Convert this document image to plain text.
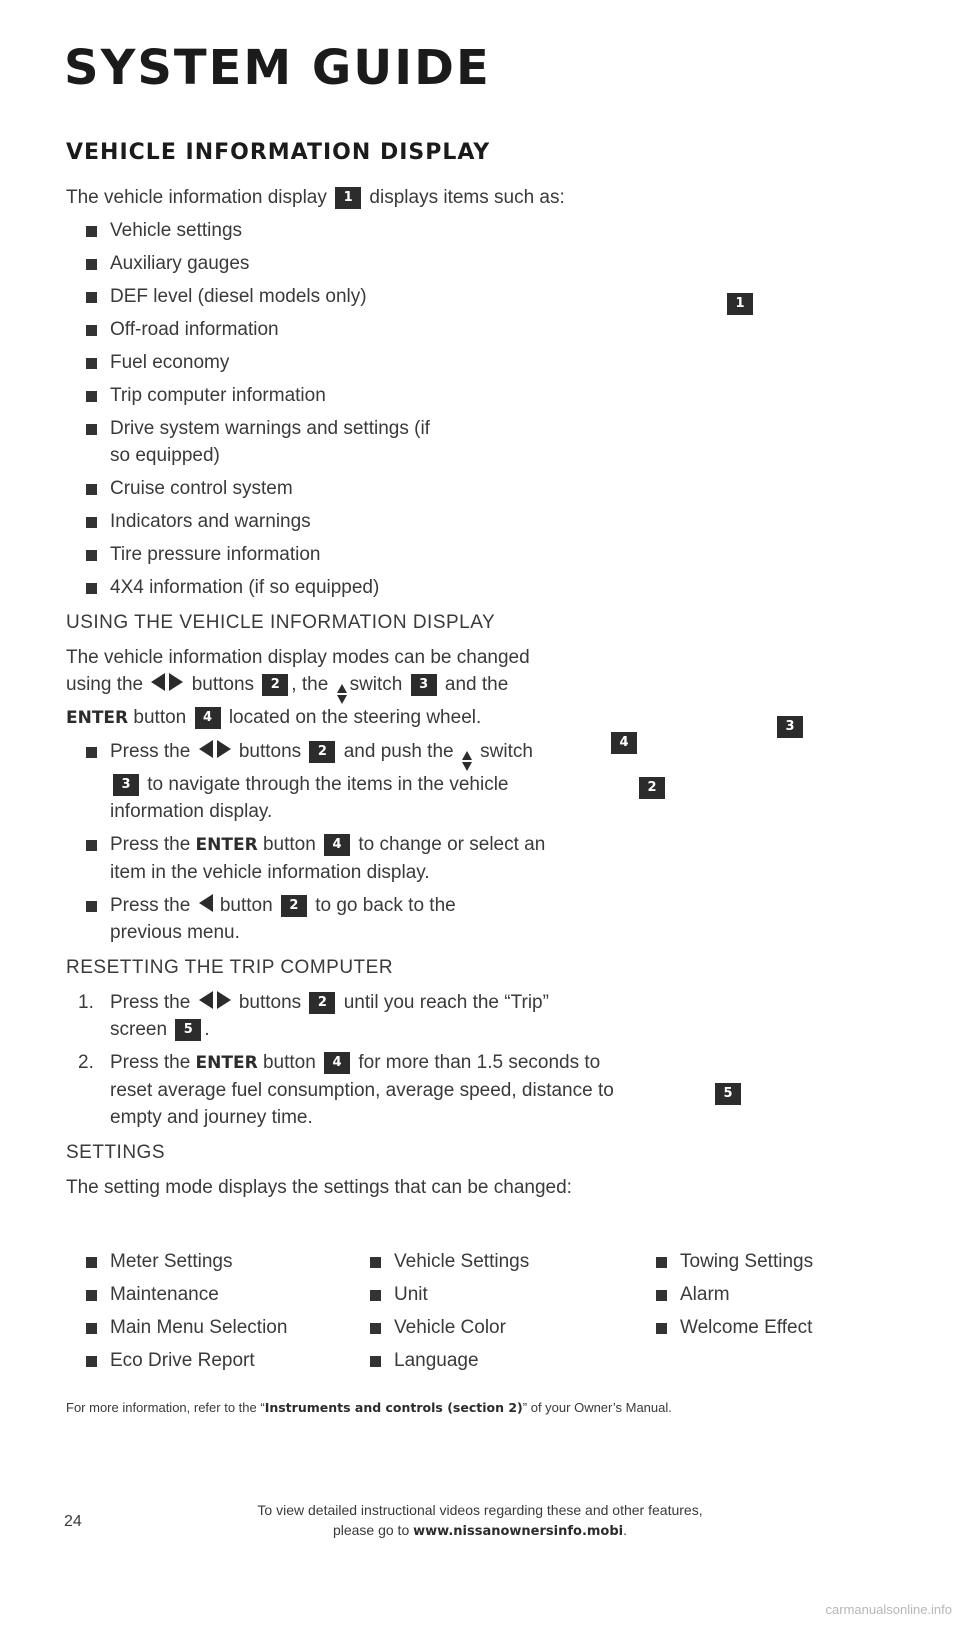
SYSTEM GUIDE
VEHICLE INFORMATION DISPLAY

The vehicle information display 1 displays items such as:

Vehicle settings
Auxiliary gauges
DEF level (diesel models only)
Off-road information
Fuel economy
Trip computer information
Drive system warnings and settings (if so equipped)
Cruise control system
Indicators and warnings
Tire pressure information
4X4 information (if so equipped)

USING THE VEHICLE INFORMATION DISPLAY

The vehicle information display modes can be changed using the	buttons 2 , the switch 3 and the ENTER button 4 located on the steering wheel.

Press the	buttons 2 and push the switch 3 to navigate through the items in the vehicle information display.
Press the ENTER button 4 to change or select an item in the vehicle information display.
Press the button 2 to go back to the previous menu.

RESETTING THE TRIP COMPUTER

1. Press the	buttons 2 until you reach the “Trip” screen 5 .
2. Press the ENTER button 4 for more than 1.5 seconds to reset average fuel consumption, average speed, distance to empty and journey time.

SETTINGS

The setting mode displays the settings that can be changed:

1
4
3
2
5
Meter Settings
Maintenance
Main Menu Selection
Eco Drive Report
Vehicle Settings
Unit
Vehicle Color
Language
Towing Settings
Alarm
Welcome Effect
For more information, refer to the “Instruments and controls (section 2)” of your Owner’s Manual.
24
To view detailed instructional videos regarding these and other features,
please go to www.nissanownersinfo.mobi.
carmanualsonline.info
